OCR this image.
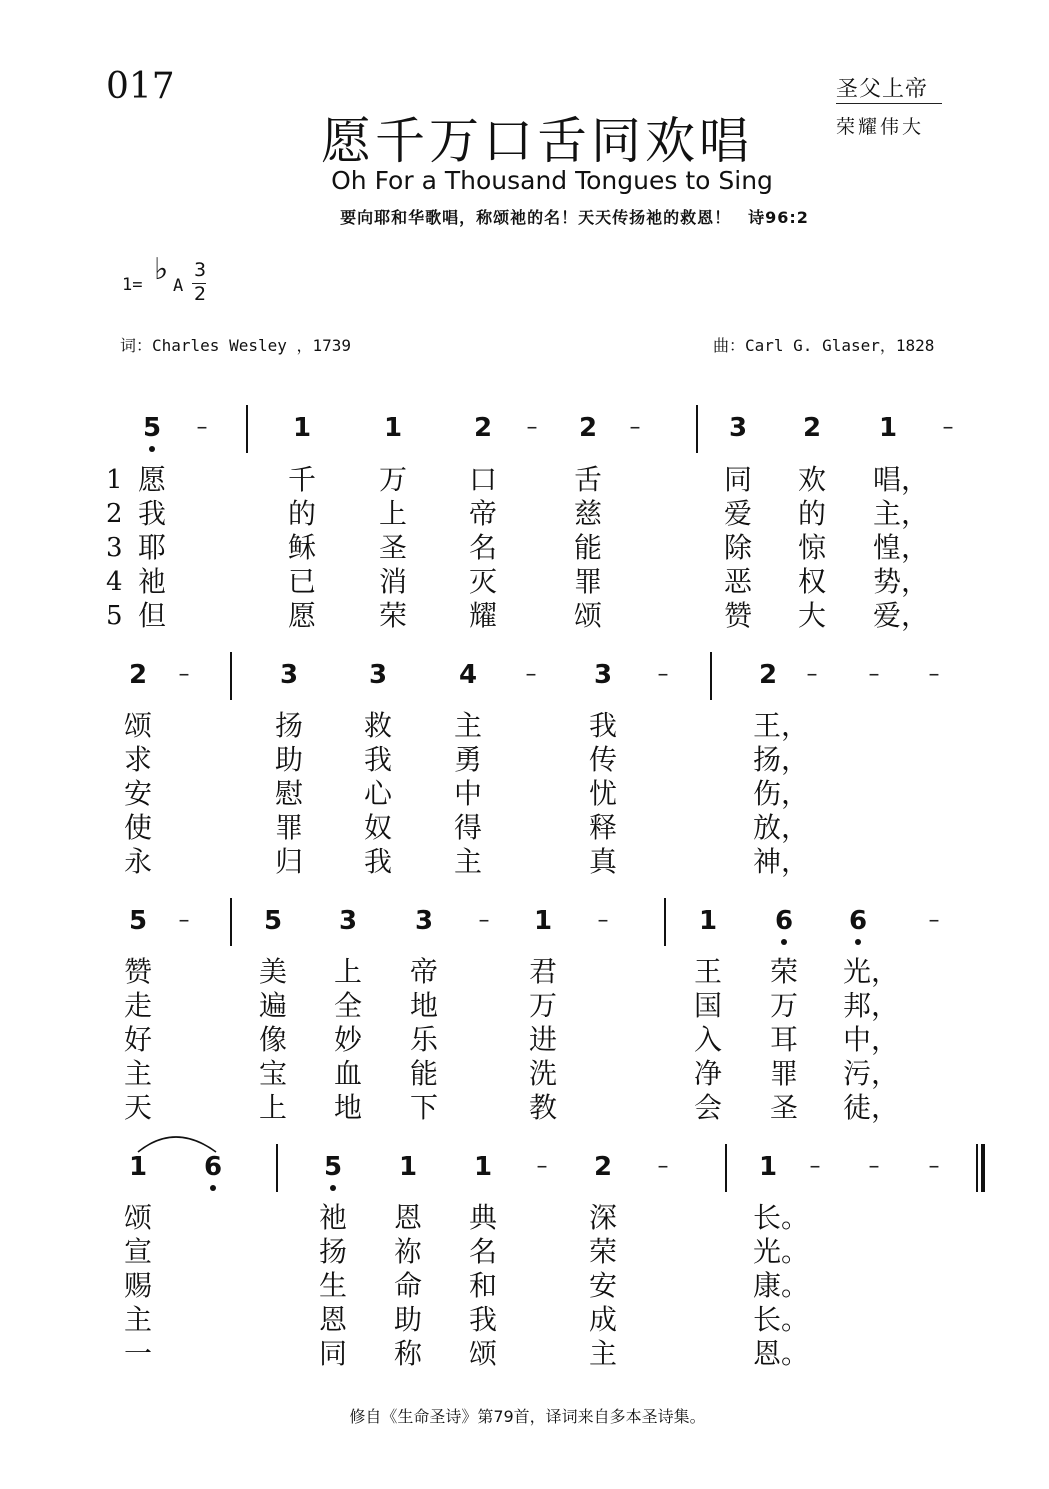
017	圣父上帝
荣耀伟大
愿千万口舌同欢唱
Oh For a Thousand Tongues to Sing
要向耶和华歌唱，称颂祂的名！天天传扬祂的救恩！　诗96:2
1= ♭ A
3
2
词：Charles Wesley ，1739	曲：Carl G. Glaser，1828
5 –	1	1	2 – 2 –	3 2 1 –
1 愿	千 万 口	舌	同 欢 唱，
2 我	的 上 帝	慈	爱 的 主，
3 耶	稣 圣 名	能	除 惊 惶，
4 祂	已 消 灭	罪	恶 权 势，
5 但	愿 荣 耀	颂	赞 大 爱，
2 –	3	3	4 – 3 –	2 – – –
颂	扬 救 主	我	王，
求	助 我 勇	传	扬，
安	慰 心 中	忧	伤，
使	罪 奴 得	释	放，
永	归 我 主	真	神，
5 –	5 3 3 – 1 –	1 6 6	–
赞	美 上 帝	君	王 荣 光，
走	遍 全 地	万	国 万 邦，
好	像 妙 乐	进	入 耳 中，
主	宝 血 能	洗	净 罪 污，
天	上 地 下	教	会 圣 徒，
1 6	5 1 1 – 2 –	1 – – –
颂	祂 恩 典	深	长。
宣	扬 祢 名	荣	光。
赐	生 命 和	安	康。
主	恩 助 我	成	长。
一	同 称 颂	主	恩。
修自《生命圣诗》第79首，译词来自多本圣诗集。
